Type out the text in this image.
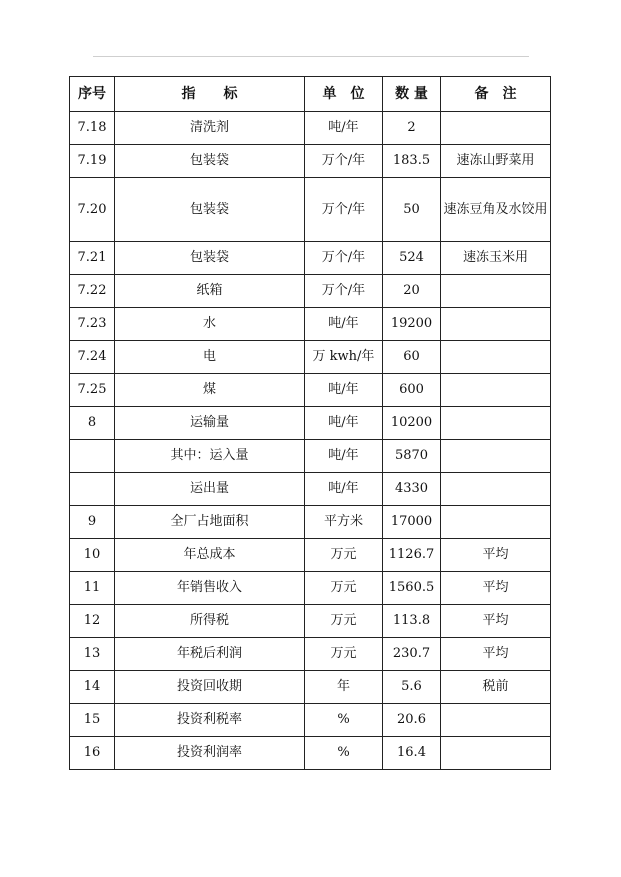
序号	指　　标	单　位	数 量	备　注
7.18	清洗剂	吨/年	2	
7.19	包装袋	万个/年	183.5	速冻山野菜用
7.20	包装袋	万个/年	50	速冻豆角及水饺用
7.21	包装袋	万个/年	524	速冻玉米用
7.22	纸箱	万个/年	20	
7.23	水	吨/年	19200	
7.24	电	万 kwh/年	60	
7.25	煤	吨/年	600	
8	运输量	吨/年	10200	
	其中：运入量	吨/年	5870	
	运出量	吨/年	4330	
9	全厂占地面积	平方米	17000	
10	年总成本	万元	1126.7	平均
11	年销售收入	万元	1560.5	平均
12	所得税	万元	113.8	平均
13	年税后利润	万元	230.7	平均
14	投资回收期	年	5.6	税前
15	投资利税率	%	20.6	
16	投资利润率	%	16.4	
